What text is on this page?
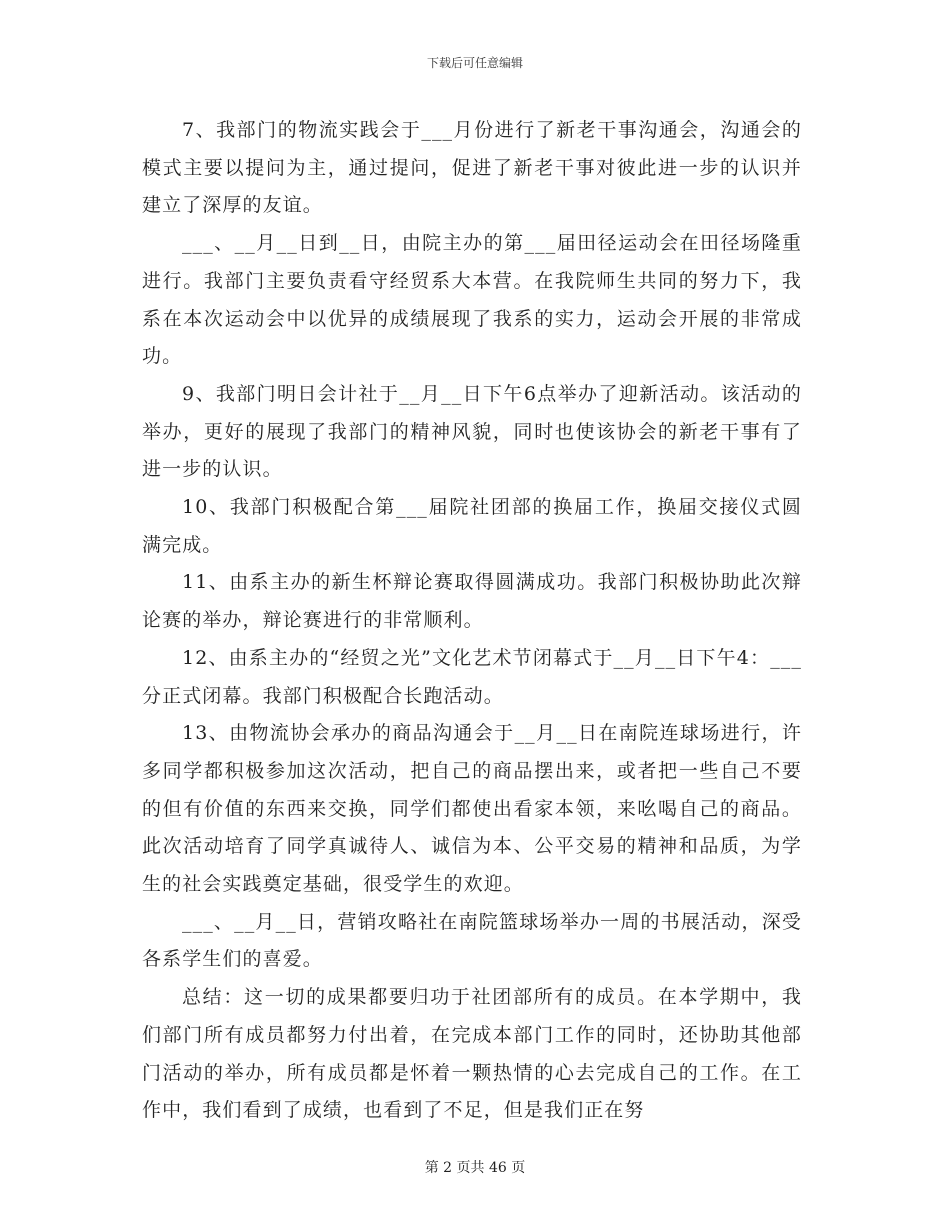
下载后可任意编辑

7、我部门的物流实践会于___月份进行了新老干事沟通会，沟通会的模式主要以提问为主，通过提问，促进了新老干事对彼此进一步的认识并建立了深厚的友谊。

___、__月__日到__日，由院主办的第___届田径运动会在田径场隆重进行。我部门主要负责看守经贸系大本营。在我院师生共同的努力下，我系在本次运动会中以优异的成绩展现了我系的实力，运动会开展的非常成功。

9、我部门明日会计社于__月__日下午6点举办了迎新活动。该活动的举办，更好的展现了我部门的精神风貌，同时也使该协会的新老干事有了进一步的认识。

10、我部门积极配合第___届院社团部的换届工作，换届交接仪式圆满完成。

11、由系主办的新生杯辩论赛取得圆满成功。我部门积极协助此次辩论赛的举办，辩论赛进行的非常顺利。

12、由系主办的“经贸之光”文化艺术节闭幕式于__月__日下午4：___分正式闭幕。我部门积极配合长跑活动。

13、由物流协会承办的商品沟通会于__月__日在南院连球场进行，许多同学都积极参加这次活动，把自己的商品摆出来，或者把一些自己不要的但有价值的东西来交换，同学们都使出看家本领，来吆喝自己的商品。此次活动培育了同学真诚待人、诚信为本、公平交易的精神和品质，为学生的社会实践奠定基础，很受学生的欢迎。

___、__月__日，营销攻略社在南院篮球场举办一周的书展活动，深受各系学生们的喜爱。

总结：这一切的成果都要归功于社团部所有的成员。在本学期中，我们部门所有成员都努力付出着，在完成本部门工作的同时，还协助其他部门活动的举办，所有成员都是怀着一颗热情的心去完成自己的工作。在工作中，我们看到了成绩，也看到了不足，但是我们正在努

第 2 页共 46 页
